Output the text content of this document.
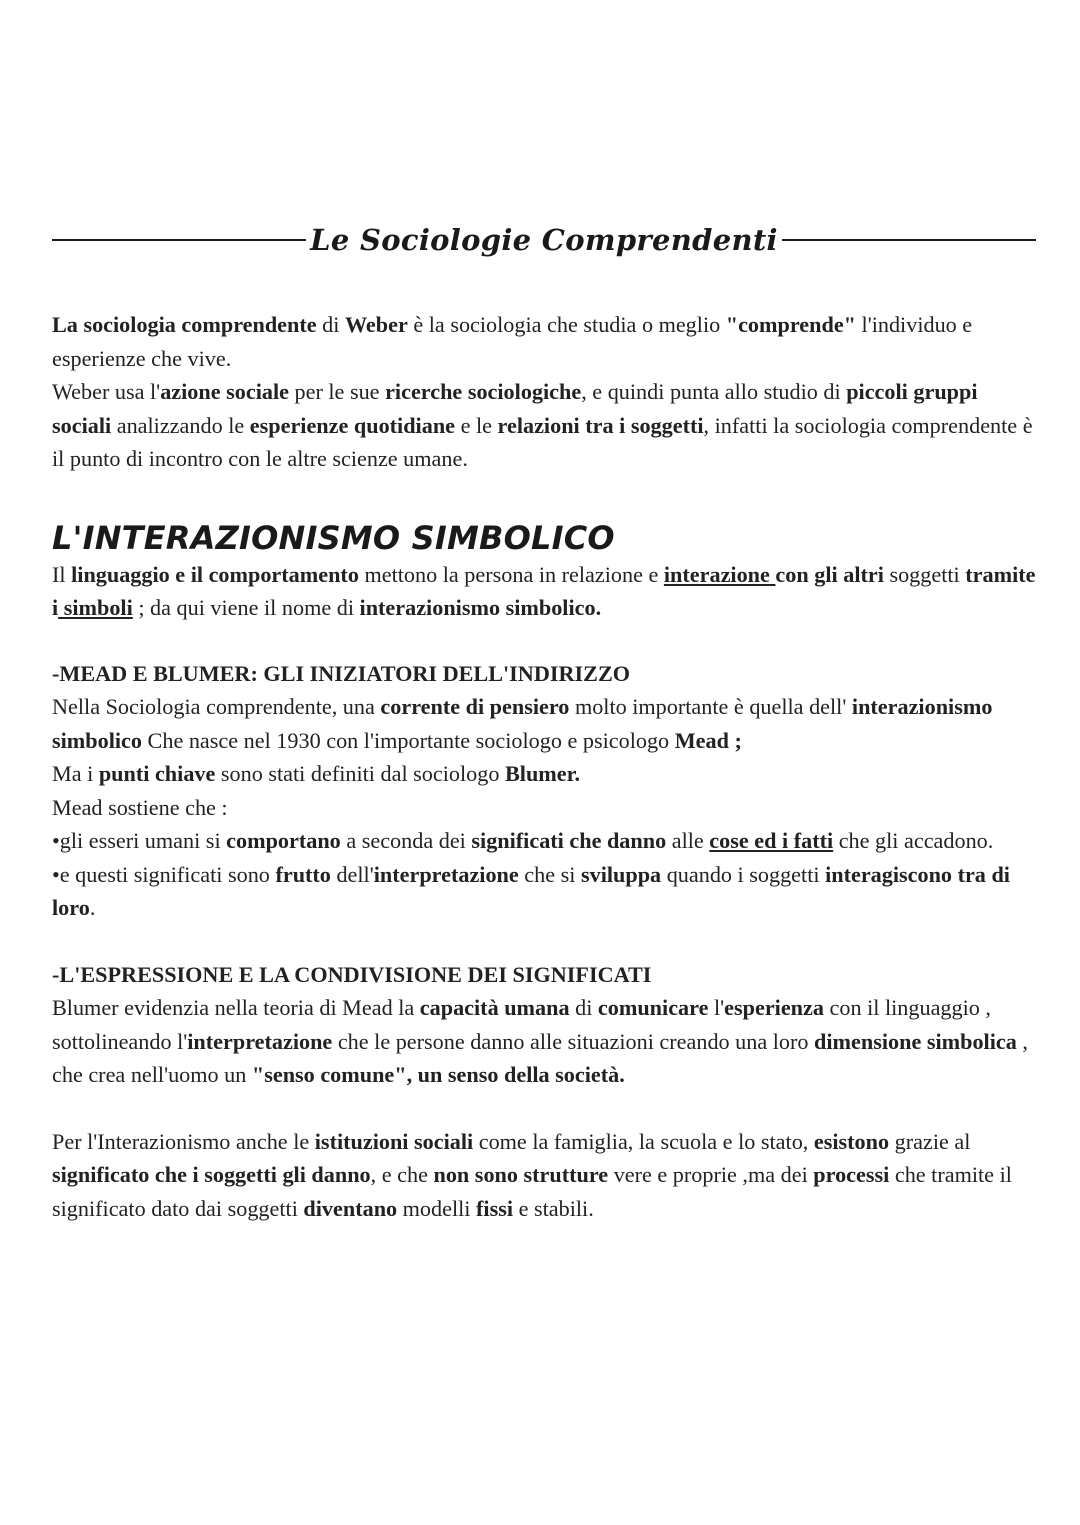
Le Sociologie Comprendenti

La sociologia comprendente di Weber è la sociologia che studia o meglio "comprende" l'individuo e esperienze che vive.

Weber usa l'azione sociale per le sue ricerche sociologiche, e quindi punta allo studio di piccoli gruppi sociali analizzando le esperienze quotidiane e le relazioni tra i soggetti, infatti la sociologia comprendente è il punto di incontro con le altre scienze umane.

L'INTERAZIONISMO SIMBOLICO

Il linguaggio e il comportamento mettono la persona in relazione e interazione con gli altri soggetti tramite i simboli ; da qui viene il nome di interazionismo simbolico.

-MEAD E BLUMER: GLI INIZIATORI DELL'INDIRIZZO

Nella Sociologia comprendente, una corrente di pensiero molto importante è quella dell' interazionismo simbolico Che nasce nel 1930 con l'importante sociologo e psicologo Mead ;

Ma i punti chiave sono stati definiti dal sociologo Blumer.

Mead sostiene che :

•gli esseri umani si comportano a seconda dei significati che danno alle cose ed i fatti che gli accadono.

•e questi significati sono frutto dell'interpretazione che si sviluppa quando i soggetti interagiscono tra di loro.

-L'ESPRESSIONE E LA CONDIVISIONE DEI SIGNIFICATI

Blumer evidenzia nella teoria di Mead la capacità umana di comunicare l'esperienza con il linguaggio , sottolineando l'interpretazione che le persone danno alle situazioni creando una loro dimensione simbolica , che crea nell'uomo un "senso comune", un senso della società.

Per l'Interazionismo anche le istituzioni sociali come la famiglia, la scuola e lo stato, esistono grazie al significato che i soggetti gli danno, e che non sono strutture vere e proprie ,ma dei processi che tramite il significato dato dai soggetti diventano modelli fissi e stabili.
